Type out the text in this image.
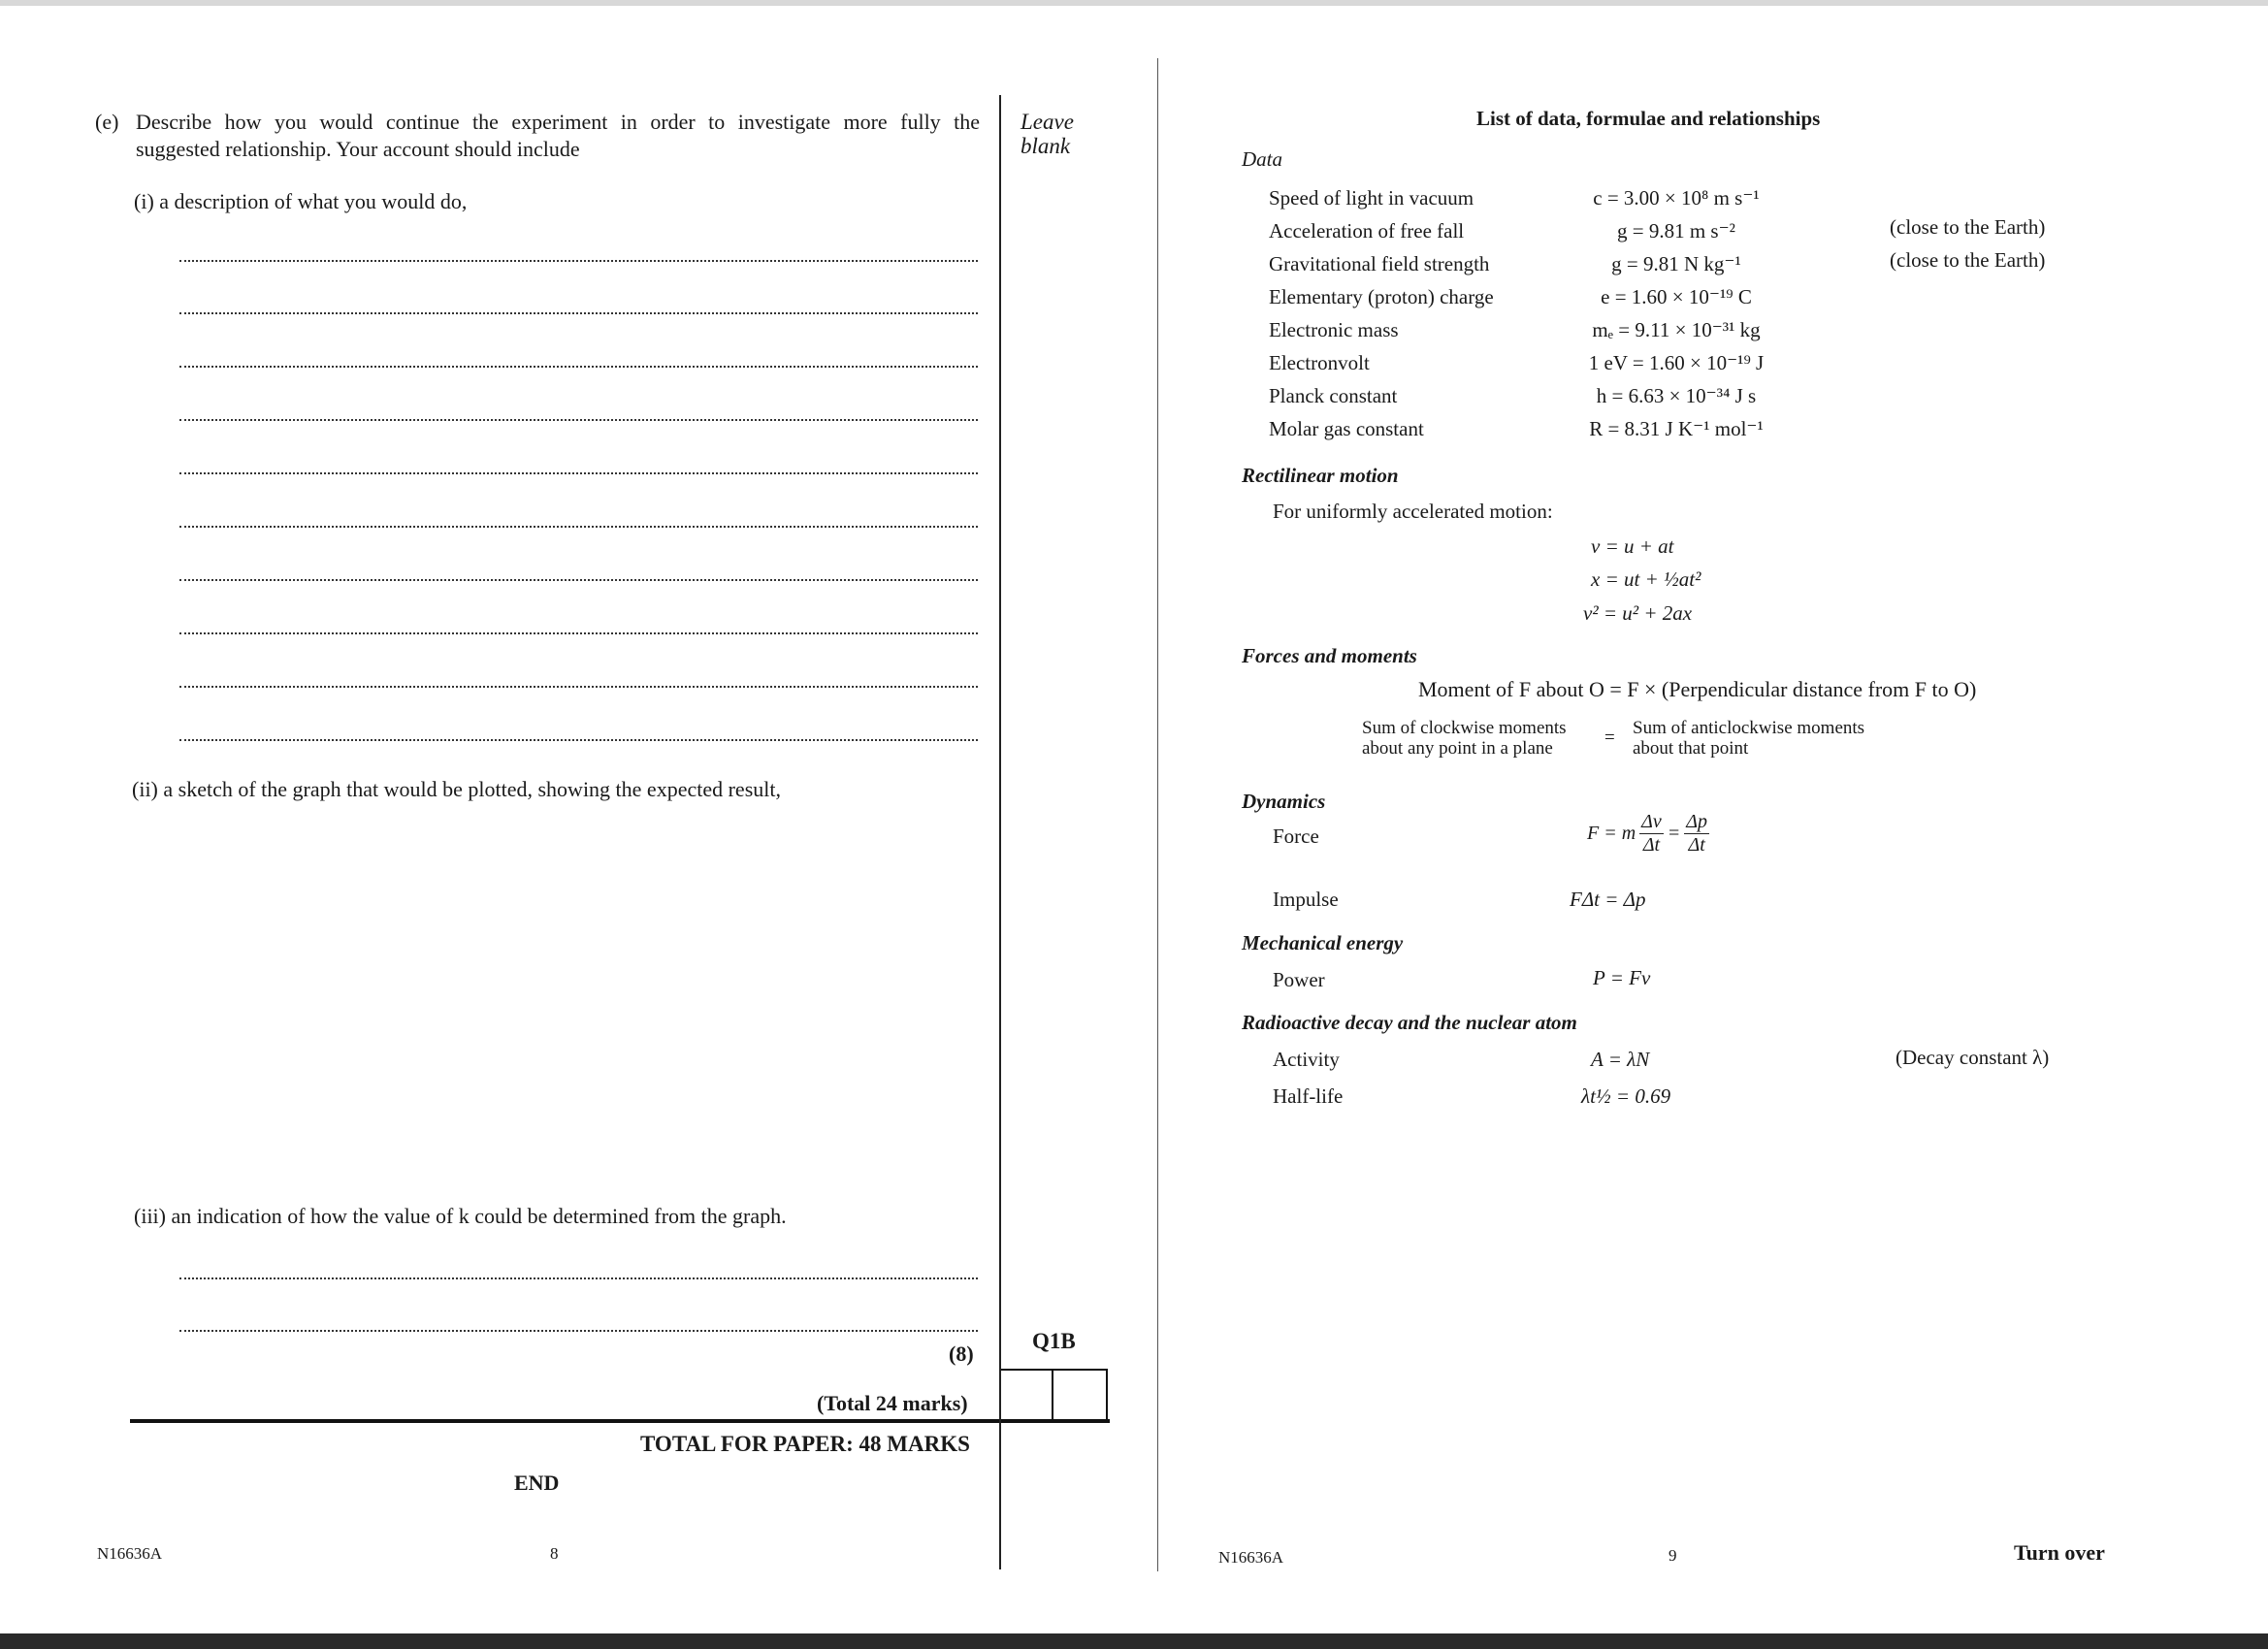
(e) Describe how you would continue the experiment in order to investigate more fully the
suggested relationship. Your account should include
(i) a description of what you would do,
(ii) a sketch of the graph that would be plotted, showing the expected result,
(iii) an indication of how the value of k could be determined from the graph.
(8)
(Total 24 marks)
TOTAL FOR PAPER: 48 MARKS
END
N16636A	8
Leave
blank
Q1B
List of data, formulae and relationships
Data
Speed of light in vacuum	c = 3.00 × 10⁸ m s⁻¹
Acceleration of free fall	g = 9.81 m s⁻²	(close to the Earth)
Gravitational field strength	g = 9.81 N kg⁻¹	(close to the Earth)
Elementary (proton) charge	e = 1.60 × 10⁻¹⁹ C
Electronic mass	mₑ = 9.11 × 10⁻³¹ kg
Electronvolt	1 eV = 1.60 × 10⁻¹⁹ J
Planck constant	h = 6.63 × 10⁻³⁴ J s
Molar gas constant	R = 8.31 J K⁻¹ mol⁻¹
Rectilinear motion
For uniformly accelerated motion:
v = u + at
x = ut + ½at²
v² = u² + 2ax
Forces and moments
Moment of F about O = F × (Perpendicular distance from F to O)
Sum of clockwise moments
about any point in a plane
= Sum of anticlockwise moments
about that point
Dynamics
Force	F = m $\frac{\Delta v}{\Delta t} = \frac{\Delta p}{\Delta t}$
Impulse	FΔt = Δp
Mechanical energy
Power	P = Fv
Radioactive decay and the nuclear atom
Activity	A = λN	(Decay constant λ)
Half-life	λt½ = 0.69
N16636A	9	Turn over
